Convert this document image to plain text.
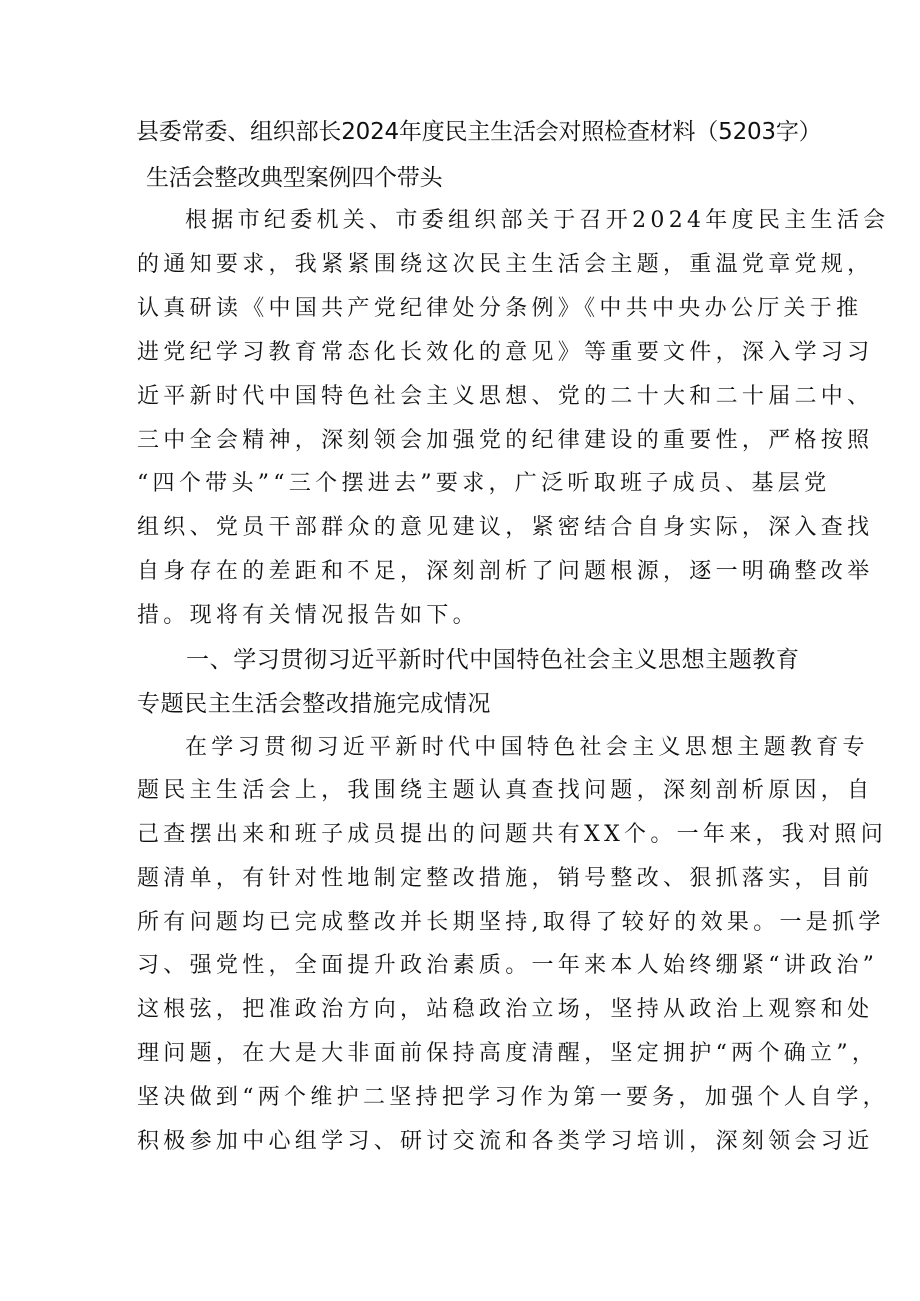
县委常委、组织部长2024年度民主生活会对照检查材料（5203字）
生活会整改典型案例四个带头
根据市纪委机关、市委组织部关于召开2024年度民主生活会
的通知要求，我紧紧围绕这次民主生活会主题，重温党章党规，
认真研读《中国共产党纪律处分条例》《中共中央办公厅关于推
进党纪学习教育常态化长效化的意见》等重要文件，深入学习习
近平新时代中国特色社会主义思想、党的二十大和二十届二中、
三中全会精神，深刻领会加强党的纪律建设的重要性，严格按照
“四个带头”“三个摆进去”要求，广泛听取班子成员、基层党
组织、党员干部群众的意见建议，紧密结合自身实际，深入查找
自身存在的差距和不足，深刻剖析了问题根源，逐一明确整改举
措。现将有关情况报告如下。
一、学习贯彻习近平新时代中国特色社会主义思想主题教育
专题民主生活会整改措施完成情况
在学习贯彻习近平新时代中国特色社会主义思想主题教育专
题民主生活会上，我围绕主题认真查找问题，深刻剖析原因，自
己查摆出来和班子成员提出的问题共有XX个。一年来，我对照问
题清单，有针对性地制定整改措施，销号整改、狠抓落实，目前
所有问题均已完成整改并长期坚持,取得了较好的效果。一是抓学
习、强党性，全面提升政治素质。一年来本人始终绷紧“讲政治”
这根弦，把准政治方向，站稳政治立场，坚持从政治上观察和处
理问题，在大是大非面前保持高度清醒，坚定拥护“两个确立”，
坚决做到“两个维护二坚持把学习作为第一要务，加强个人自学，
积极参加中心组学习、研讨交流和各类学习培训，深刻领会习近
